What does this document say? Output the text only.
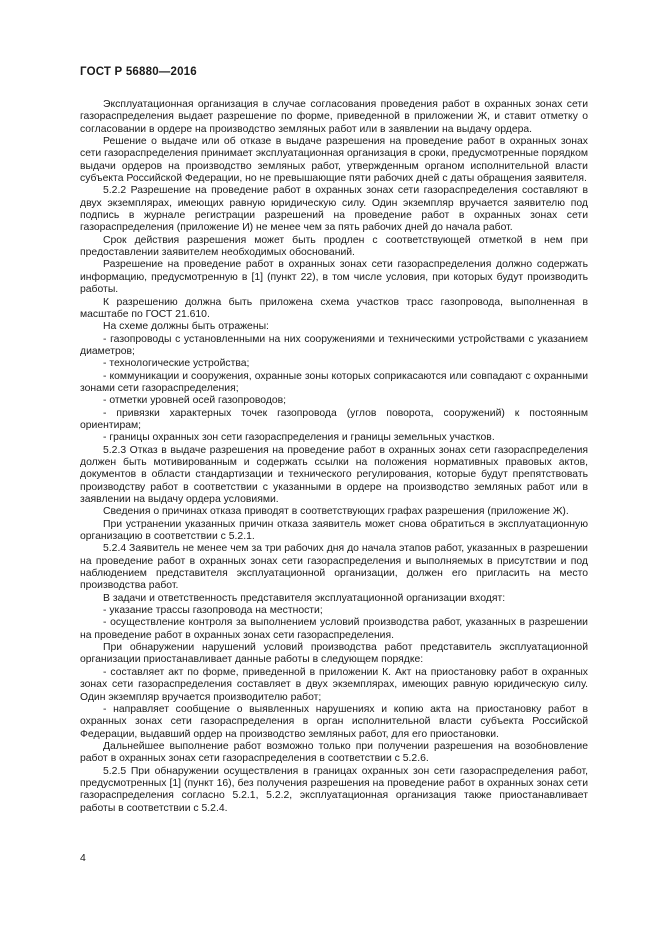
ГОСТ Р 56880—2016

Эксплуатационная организация в случае согласования проведения работ в охранных зонах сети газораспределения выдает разрешение по форме, приведенной в приложении Ж, и ставит отметку о согласовании в ордере на производство земляных работ или в заявлении на выдачу ордера.

Решение о выдаче или об отказе в выдаче разрешения на проведение работ в охранных зонах сети газораспределения принимает эксплуатационная организация в сроки, предусмотренные порядком выдачи ордеров на производство земляных работ, утвержденным органом исполнительной власти субъекта Российской Федерации, но не превышающие пяти рабочих дней с даты обращения заявителя.

5.2.2 Разрешение на проведение работ в охранных зонах сети газораспределения составляют в двух экземплярах, имеющих равную юридическую силу. Один экземпляр вручается заявителю под подпись в журнале регистрации разрешений на проведение работ в охранных зонах сети газораспределения (приложение И) не менее чем за пять рабочих дней до начала работ.

Срок действия разрешения может быть продлен с соответствующей отметкой в нем при предоставлении заявителем необходимых обоснований.

Разрешение на проведение работ в охранных зонах сети газораспределения должно содержать информацию, предусмотренную в [1] (пункт 22), в том числе условия, при которых будут производить работы.

К разрешению должна быть приложена схема участков трасс газопровода, выполненная в масштабе по ГОСТ 21.610.

На схеме должны быть отражены:

- газопроводы с установленными на них сооружениями и техническими устройствами с указанием диаметров;

- технологические устройства;

- коммуникации и сооружения, охранные зоны которых соприкасаются или совпадают с охранными зонами сети газораспределения;

- отметки уровней осей газопроводов;

- привязки характерных точек газопровода (углов поворота, сооружений) к постоянным ориентирам;

- границы охранных зон сети газораспределения и границы земельных участков.

5.2.3 Отказ в выдаче разрешения на проведение работ в охранных зонах сети газораспределения должен быть мотивированным и содержать ссылки на положения нормативных правовых актов, документов в области стандартизации и технического регулирования, которые будут препятствовать производству работ в соответствии с указанными в ордере на производство земляных работ или в заявлении на выдачу ордера условиями.

Сведения о причинах отказа приводят в соответствующих графах разрешения (приложение Ж).

При устранении указанных причин отказа заявитель может снова обратиться в эксплуатационную организацию в соответствии с 5.2.1.

5.2.4 Заявитель не менее чем за три рабочих дня до начала этапов работ, указанных в разрешении на проведение работ в охранных зонах сети газораспределения и выполняемых в присутствии и под наблюдением представителя эксплуатационной организации, должен его пригласить на место производства работ.

В задачи и ответственность представителя эксплуатационной организации входят:

- указание трассы газопровода на местности;

- осуществление контроля за выполнением условий производства работ, указанных в разрешении на проведение работ в охранных зонах сети газораспределения.

При обнаружении нарушений условий производства работ представитель эксплуатационной организации приостанавливает данные работы в следующем порядке:

- составляет акт по форме, приведенной в приложении К. Акт на приостановку работ в охранных зонах сети газораспределения составляет в двух экземплярах, имеющих равную юридическую силу. Один экземпляр вручается производителю работ;

- направляет сообщение о выявленных нарушениях и копию акта на приостановку работ в охранных зонах сети газораспределения в орган исполнительной власти субъекта Российской Федерации, выдавший ордер на производство земляных работ, для его приостановки.

Дальнейшее выполнение работ возможно только при получении разрешения на возобновление работ в охранных зонах сети газораспределения в соответствии с 5.2.6.

5.2.5 При обнаружении осуществления в границах охранных зон сети газораспределения работ, предусмотренных [1] (пункт 16), без получения разрешения на проведение работ в охранных зонах сети газораспределения согласно 5.2.1, 5.2.2, эксплуатационная организация также приостанавливает работы в соответствии с 5.2.4.

4
